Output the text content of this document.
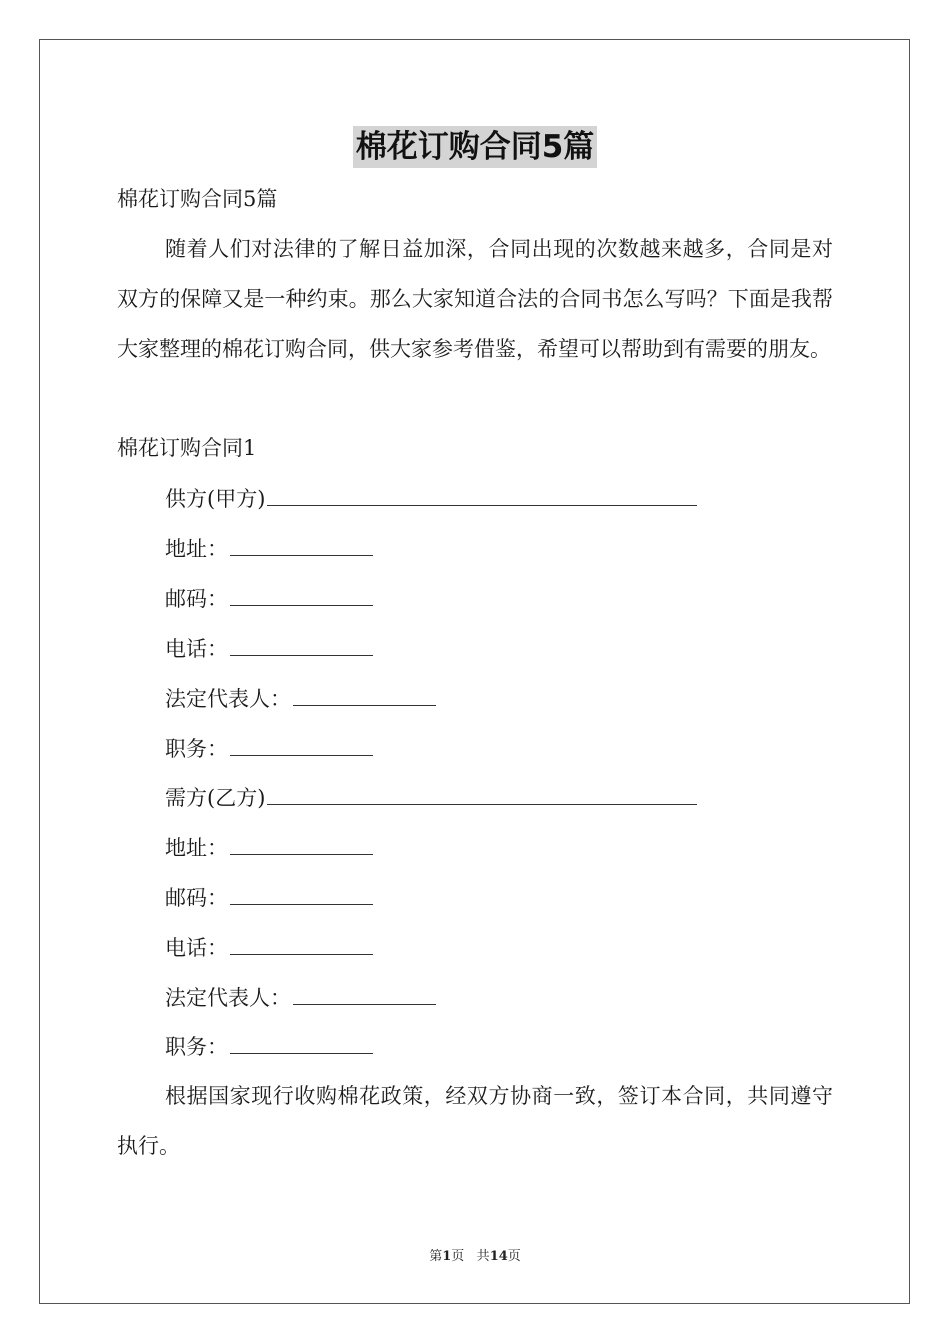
棉花订购合同5篇
棉花订购合同5篇
随着人们对法律的了解日益加深，合同出现的次数越来越多，合同是对双方的保障又是一种约束。那么大家知道合法的合同书怎么写吗？下面是我帮大家整理的棉花订购合同，供大家参考借鉴，希望可以帮助到有需要的朋友。
棉花订购合同1
供方(甲方)
地址：
邮码：
电话：
法定代表人：
职务：
需方(乙方)
地址：
邮码：
电话：
法定代表人：
职务：
根据国家现行收购棉花政策，经双方协商一致，签订本合同，共同遵守执行。
第1页 共14页
